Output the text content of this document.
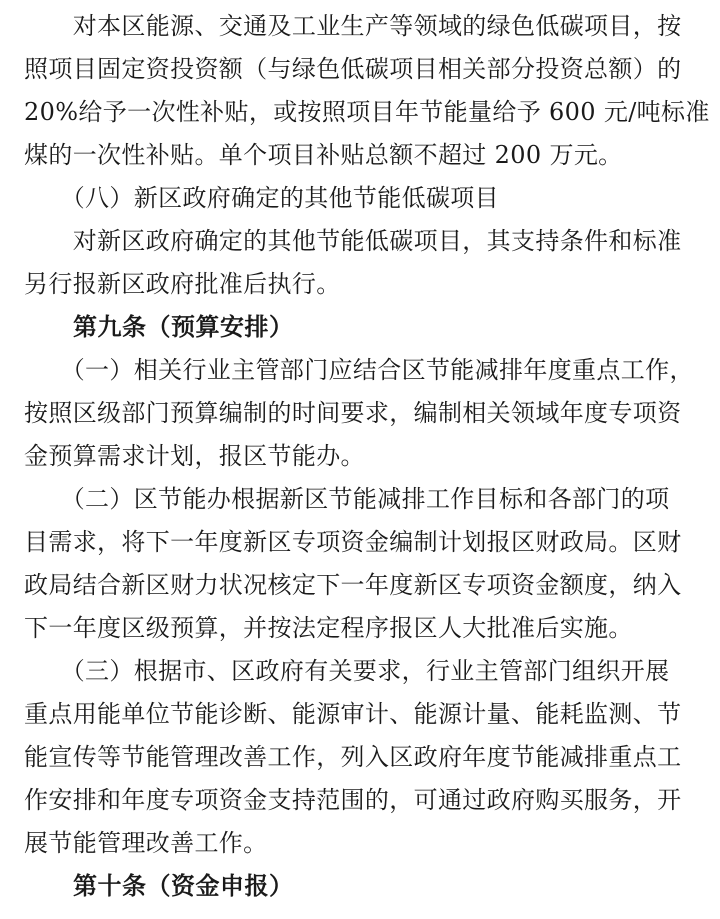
　　对本区能源、交通及工业生产等领域的绿色低碳项目，按
照项目固定资投资额（与绿色低碳项目相关部分投资总额）的
20%给予一次性补贴，或按照项目年节能量给予 600 元/吨标准
煤的一次性补贴。单个项目补贴总额不超过 200 万元。
　　（八）新区政府确定的其他节能低碳项目
　　对新区政府确定的其他节能低碳项目，其支持条件和标准
另行报新区政府批准后执行。
　　第九条（预算安排）
　　（一）相关行业主管部门应结合区节能减排年度重点工作，
按照区级部门预算编制的时间要求，编制相关领域年度专项资
金预算需求计划，报区节能办。
　　（二）区节能办根据新区节能减排工作目标和各部门的项
目需求，将下一年度新区专项资金编制计划报区财政局。区财
政局结合新区财力状况核定下一年度新区专项资金额度，纳入
下一年度区级预算，并按法定程序报区人大批准后实施。
　　（三）根据市、区政府有关要求，行业主管部门组织开展
重点用能单位节能诊断、能源审计、能源计量、能耗监测、节
能宣传等节能管理改善工作，列入区政府年度节能减排重点工
作安排和年度专项资金支持范围的，可通过政府购买服务，开
展节能管理改善工作。
　　第十条（资金申报）
